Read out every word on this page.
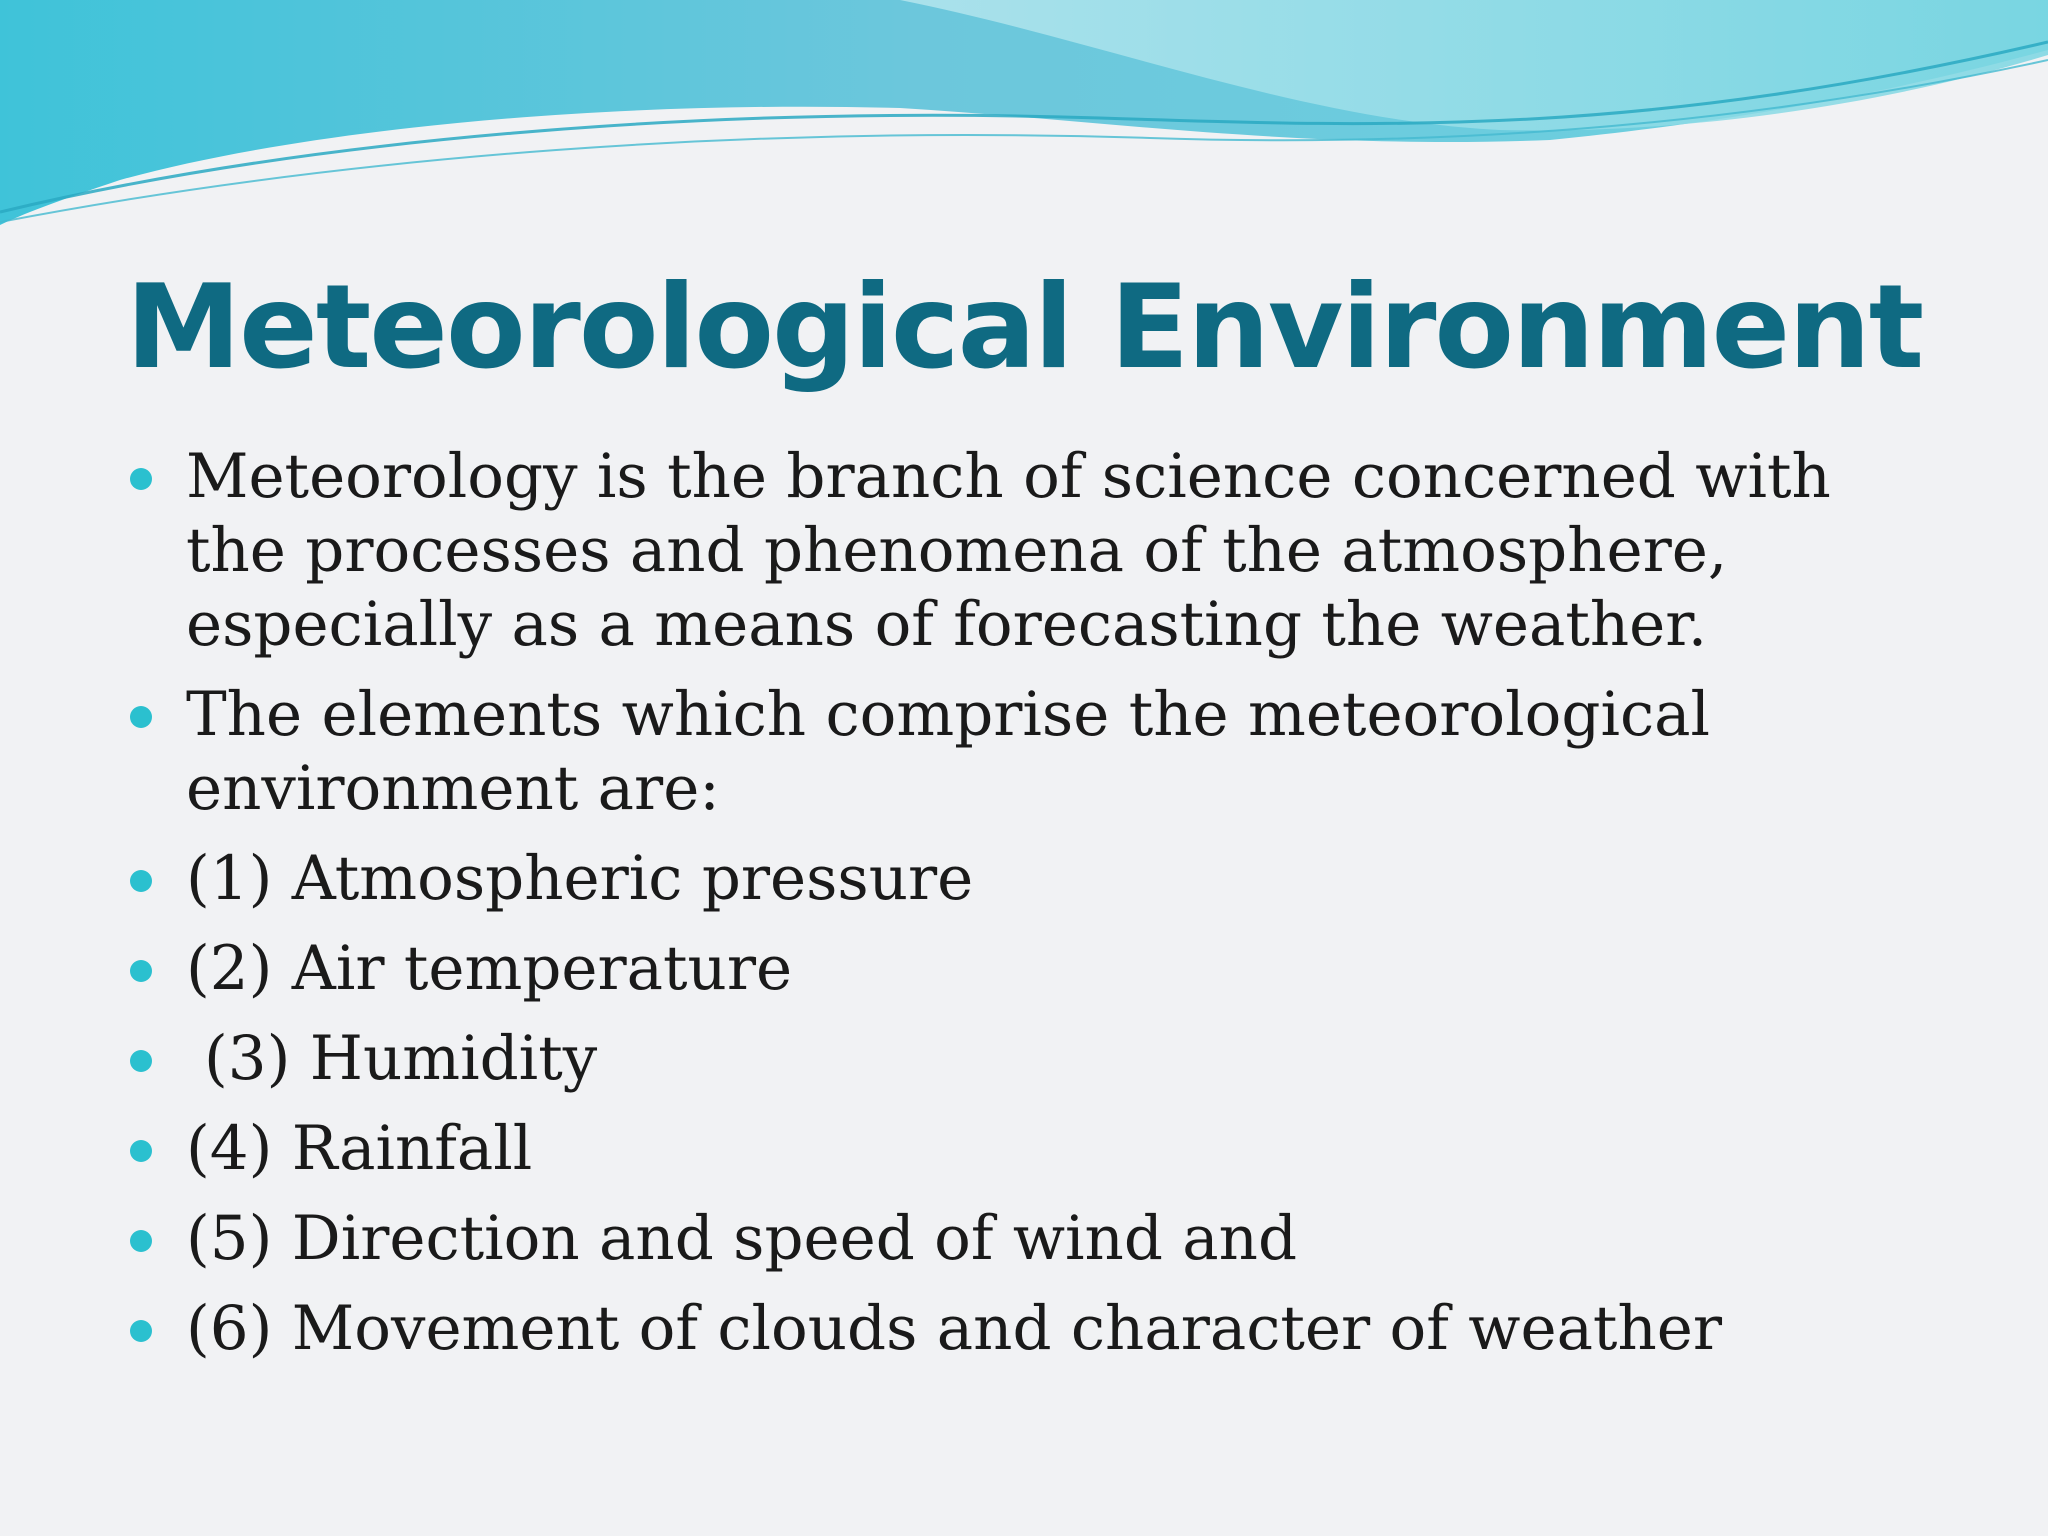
Meteorological Environment
Meteorology is the branch of science concerned with the processes and phenomena of the atmosphere, especially as a means of forecasting the weather.
The elements which comprise the meteorological environment are:
(1) Atmospheric pressure
(2) Air temperature
(3) Humidity
(4) Rainfall
(5) Direction and speed of wind and
(6) Movement of clouds and character of weather
